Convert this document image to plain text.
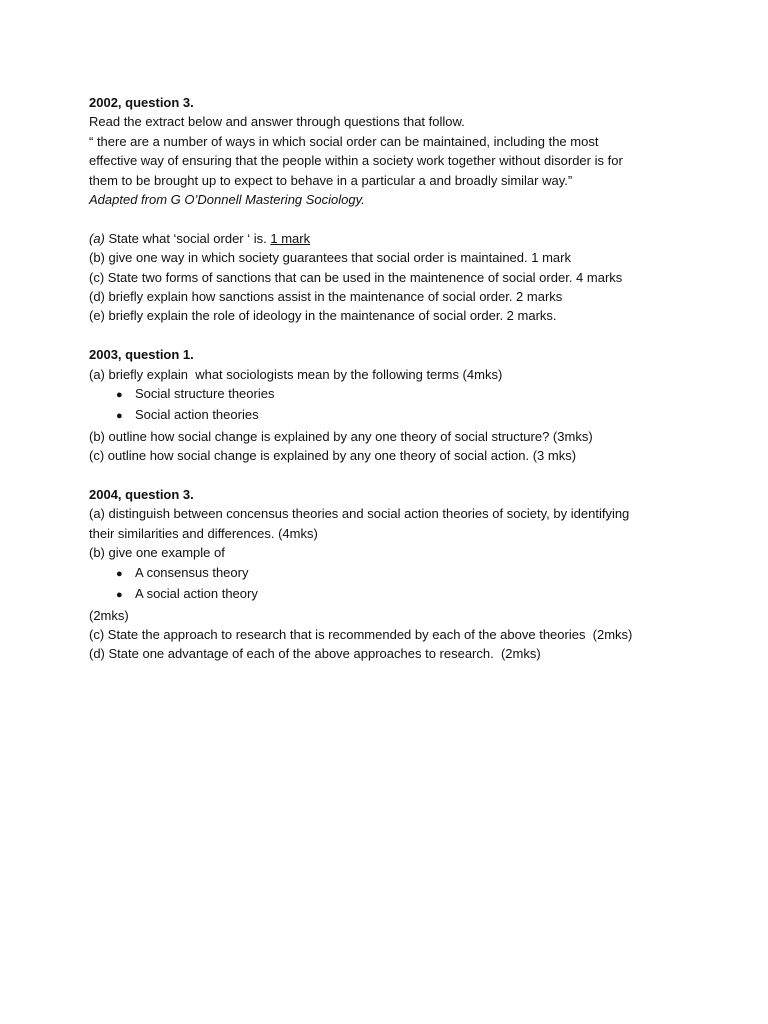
2002, question 3.
Read the extract below and answer through questions that follow.
“ there are a number of ways in which social order can be maintained, including the most
effective way of ensuring that the people within a society work together without disorder is for
them to be brought up to expect to behave in a particular a and broadly similar way.”
Adapted from G O’Donnell Mastering Sociology.
(a) State what ‘social order ‘ is. 1 mark
(b) give one way in which society guarantees that social order is maintained. 1 mark
(c) State two forms of sanctions that can be used in the maintenence of social order. 4 marks
(d) briefly explain how sanctions assist in the maintenance of social order. 2 marks
(e) briefly explain the role of ideology in the maintenance of social order. 2 marks.
2003, question 1.
(a) briefly explain  what sociologists mean by the following terms (4mks)
● Social structure theories
● Social action theories
(b) outline how social change is explained by any one theory of social structure? (3mks)
(c) outline how social change is explained by any one theory of social action. (3 mks)
2004, question 3.
(a) distinguish between concensus theories and social action theories of society, by identifying
their similarities and differences. (4mks)
(b) give one example of
● A consensus theory
● A social action theory
(2mks)
(c) State the approach to research that is recommended by each of the above theories  (2mks)
(d) State one advantage of each of the above approaches to research.  (2mks)
